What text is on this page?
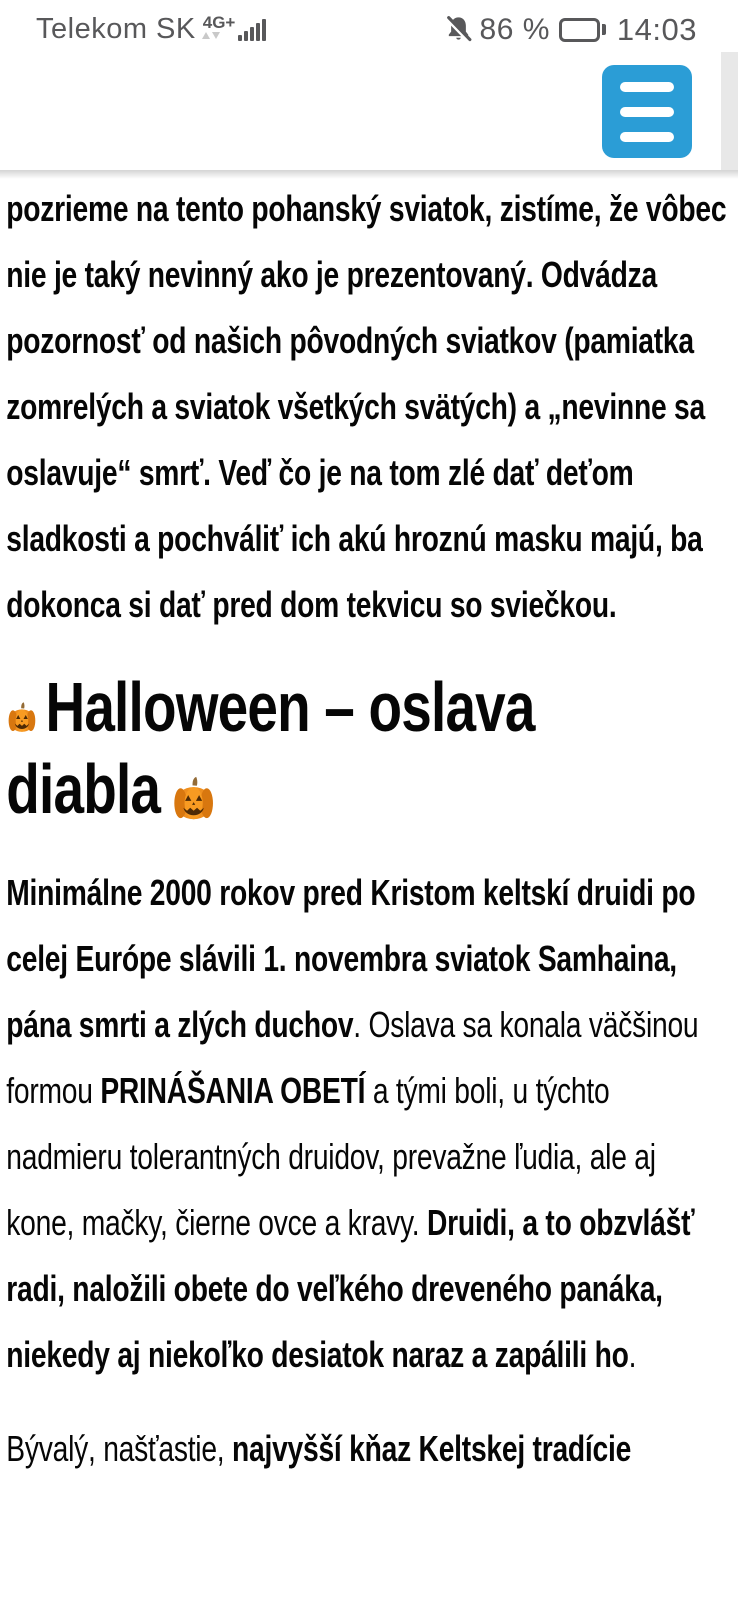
Telekom SK 4G+	86 % 14:03

pozrieme na tento pohanský sviatok, zistíme, že vôbec nie je taký nevinný ako je prezentovaný. Odvádza pozornosť od našich pôvodných sviatkov (pamiatka zomrelých a sviatok všetkých svätých) a „nevinne sa oslavuje“ smrť. Veď čo je na tom zlé dať deťom sladkosti a pochváliť ich akú hroznú masku majú, ba dokonca si dať pred dom tekvicu so sviečkou.

Halloween – oslava
diabla

Minimálne 2000 rokov pred Kristom keltskí druidi po celej Európe slávili 1. novembra sviatok Samhaina, pána smrti a zlých duchov. Oslava sa konala väčšinou formou PRINÁŠANIA OBETÍ a tými boli, u týchto nadmieru tolerantných druidov, prevažne ľudia, ale aj kone, mačky, čierne ovce a kravy. Druidi, a to obzvlášť radi, naložili obete do veľkého dreveného panáka, niekedy aj niekoľko desiatok naraz a zapálili ho.

Bývalý, našťastie, najvyšší kňaz Keltskej tradície
